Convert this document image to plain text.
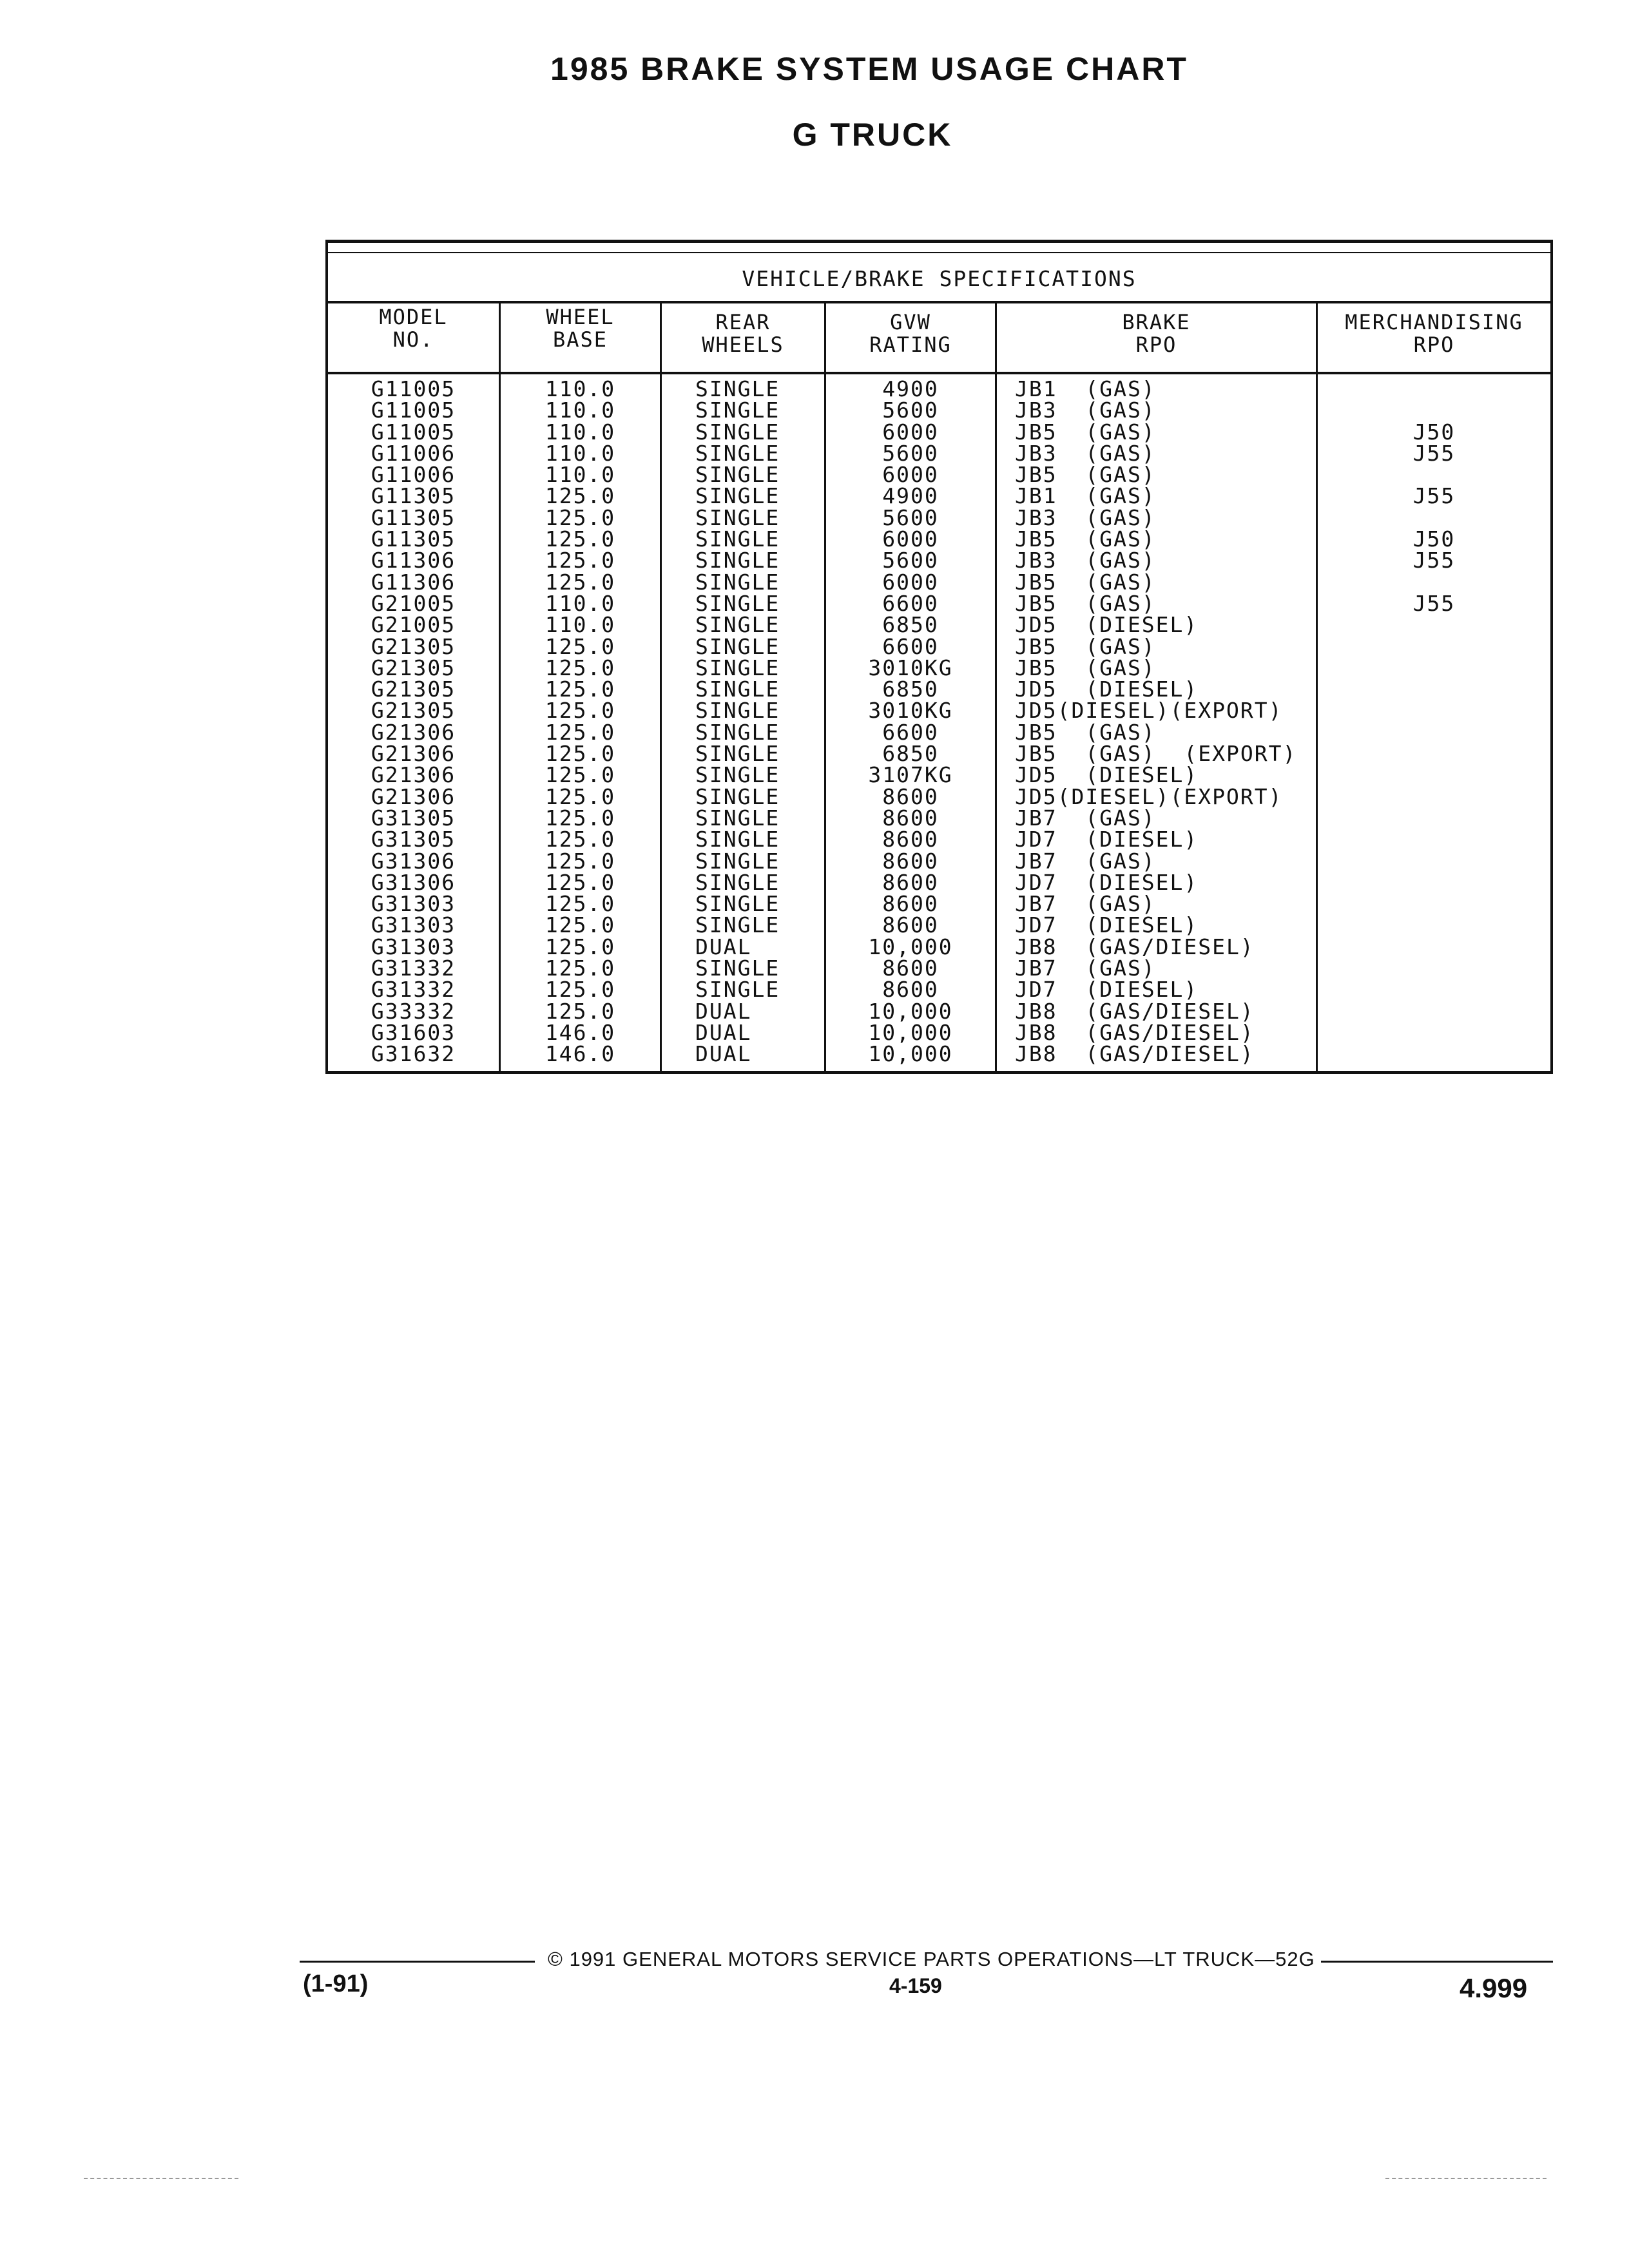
1985 BRAKE SYSTEM USAGE CHART
G TRUCK
VEHICLE/BRAKE SPECIFICATIONS
MODEL
NO.
G11005
G11005
G11005
G11006
G11006
G11305
G11305
G11305
G11306
G11306
G21005
G21005
G21305
G21305
G21305
G21305
G21306
G21306
G21306
G21306
G31305
G31305
G31306
G31306
G31303
G31303
G31303
G31332
G31332
G33332
G31603
G31632
WHEEL
BASE
110.0
110.0
110.0
110.0
110.0
125.0
125.0
125.0
125.0
125.0
110.0
110.0
125.0
125.0
125.0
125.0
125.0
125.0
125.0
125.0
125.0
125.0
125.0
125.0
125.0
125.0
125.0
125.0
125.0
125.0
146.0
146.0
REAR
WHEELS
SINGLE
SINGLE
SINGLE
SINGLE
SINGLE
SINGLE
SINGLE
SINGLE
SINGLE
SINGLE
SINGLE
SINGLE
SINGLE
SINGLE
SINGLE
SINGLE
SINGLE
SINGLE
SINGLE
SINGLE
SINGLE
SINGLE
SINGLE
SINGLE
SINGLE
SINGLE
DUAL
SINGLE
SINGLE
DUAL
DUAL
DUAL
GVW
RATING
4900
5600
6000
5600
6000
4900
5600
6000
5600
6000
6600
6850
6600
3010KG
6850
3010KG
6600
6850
3107KG
8600
8600
8600
8600
8600
8600
8600
10,000
8600
8600
10,000
10,000
10,000
BRAKE
RPO
JB1  (GAS)
JB3  (GAS)
JB5  (GAS)
JB3  (GAS)
JB5  (GAS)
JB1  (GAS)
JB3  (GAS)
JB5  (GAS)
JB3  (GAS)
JB5  (GAS)
JB5  (GAS)
JD5  (DIESEL)
JB5  (GAS)
JB5  (GAS)
JD5  (DIESEL)
JD5(DIESEL)(EXPORT)
JB5  (GAS)
JB5  (GAS)  (EXPORT)
JD5  (DIESEL)
JD5(DIESEL)(EXPORT)
JB7  (GAS)
JD7  (DIESEL)
JB7  (GAS)
JD7  (DIESEL)
JB7  (GAS)
JD7  (DIESEL)
JB8  (GAS/DIESEL)
JB7  (GAS)
JD7  (DIESEL)
JB8  (GAS/DIESEL)
JB8  (GAS/DIESEL)
JB8  (GAS/DIESEL)
MERCHANDISING
RPO
J50
J55
J55
J50
J55
J55
© 1991 GENERAL MOTORS SERVICE PARTS OPERATIONS—LT TRUCK—52G
(1-91)	4-159	4.999
